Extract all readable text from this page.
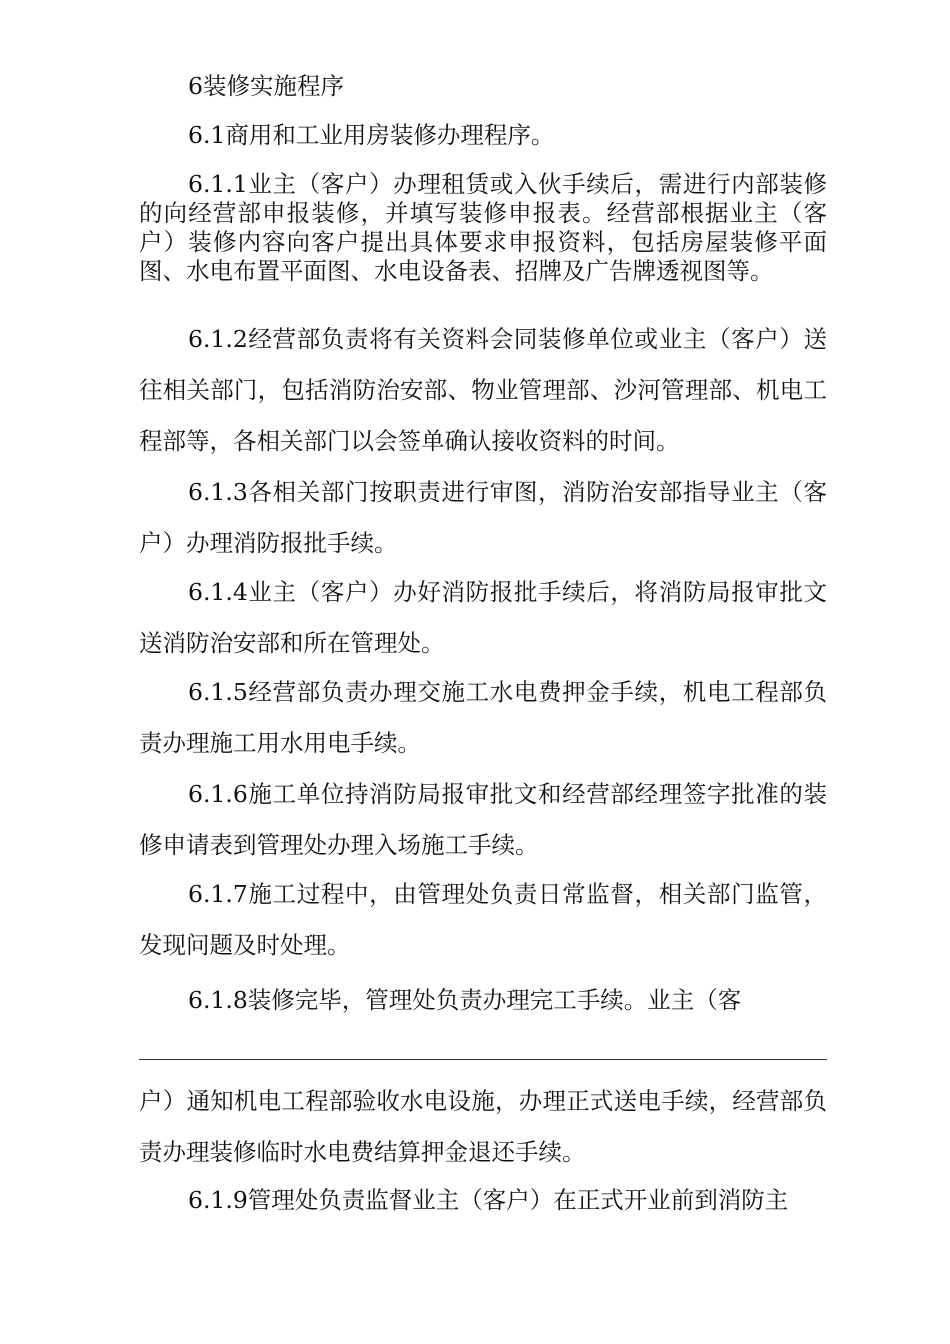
6装修实施程序

6.1商用和工业用房装修办理程序。

6.1.1业主（客户）办理租赁或入伙手续后，需进行内部装修的向经营部申报装修，并填写装修申报表。经营部根据业主（客户）装修内容向客户提出具体要求申报资料，包括房屋装修平面图、水电布置平面图、水电设备表、招牌及广告牌透视图等。

6.1.2经营部负责将有关资料会同装修单位或业主（客户）送往相关部门，包括消防治安部、物业管理部、沙河管理部、机电工程部等，各相关部门以会签单确认接收资料的时间。

6.1.3各相关部门按职责进行审图，消防治安部指导业主（客户）办理消防报批手续。

6.1.4业主（客户）办好消防报批手续后，将消防局报审批文送消防治安部和所在管理处。

6.1.5经营部负责办理交施工水电费押金手续，机电工程部负责办理施工用水用电手续。

6.1.6施工单位持消防局报审批文和经营部经理签字批准的装修申请表到管理处办理入场施工手续。

6.1.7施工过程中，由管理处负责日常监督，相关部门监管，发现问题及时处理。

6.1.8装修完毕，管理处负责办理完工手续。业主（客

户）通知机电工程部验收水电设施，办理正式送电手续，经营部负责办理装修临时水电费结算押金退还手续。

6.1.9管理处负责监督业主（客户）在正式开业前到消防主
